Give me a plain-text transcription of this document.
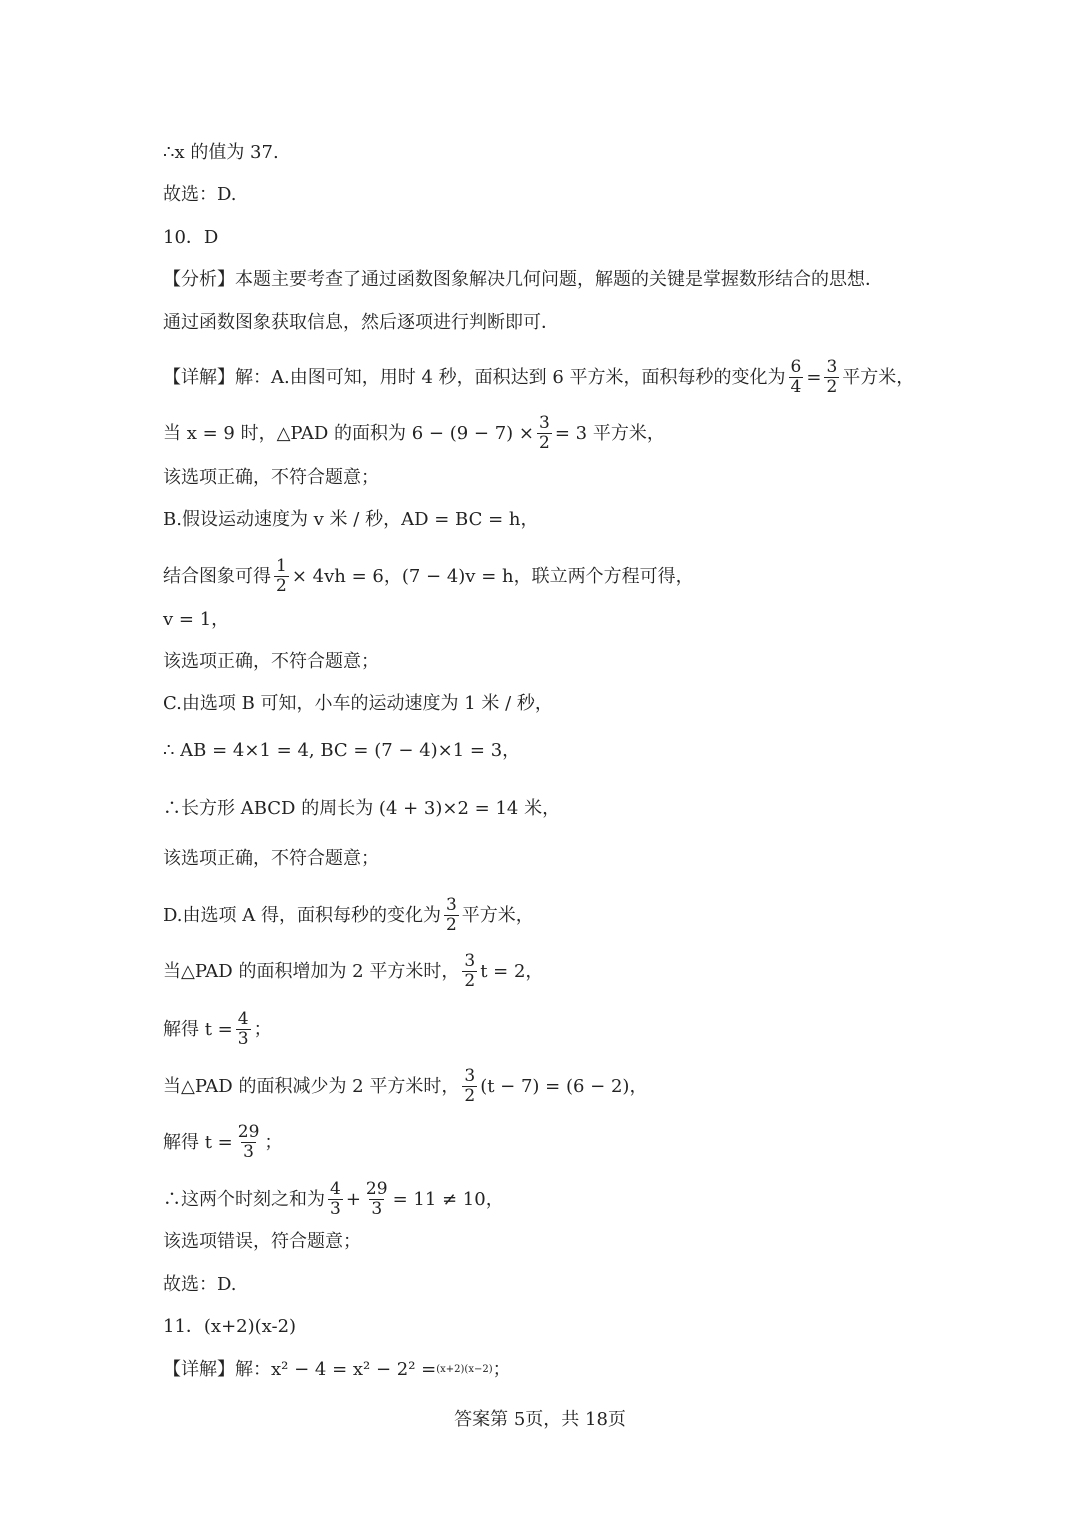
∴x 的值为 37.
故选：D.
10．D
【分析】本题主要考查了通过函数图象解决几何问题，解题的关键是掌握数形结合的思想．
通过函数图象获取信息，然后逐项进行判断即可．
【详解】解：A.由图可知，用时 4 秒，面积达到 6 平方米，面积每秒的变化为 $\frac{6}{4} = \frac{3}{2}$ 平方米，
当 x = 9 时，△PAD 的面积为 $6 - (9 - 7) \times \frac{3}{2} = 3$ 平方米，
该选项正确，不符合题意；
B.假设运动速度为 v 米 / 秒，AD = BC = h，
结合图象可得 $\frac{1}{2} \times 4vh = 6$，(7 − 4)v = h，联立两个方程可得，
v = 1，
该选项正确，不符合题意；
C.由选项 B 可知，小车的运动速度为 1 米 / 秒，
∴ AB = 4×1 = 4, BC = (7 − 4)×1 = 3，
∴长方形 ABCD 的周长为 (4 + 3)×2 = 14 米，
该选项正确，不符合题意；
D.由选项 A 得，面积每秒的变化为 $\frac{3}{2}$ 平方米，
当△PAD 的面积增加为 2 平方米时， $\frac{3}{2}$ t = 2，
解得 $t = \frac{4}{3}$ ；
当△PAD 的面积减少为 2 平方米时， $\frac{3}{2} (t - 7) = (6 - 2)$，
解得 $t = \frac{29}{3}$ ；
∴这两个时刻之和为 $\frac{4}{3} + \frac{29}{3} = 11 \ne 10$，
该选项错误，符合题意；
故选：D.
11．(x+2)(x-2)
【详解】解：x² − 4 = x² − 2² = (x+2)(x−2) ；
答案第 5页，共 18页
